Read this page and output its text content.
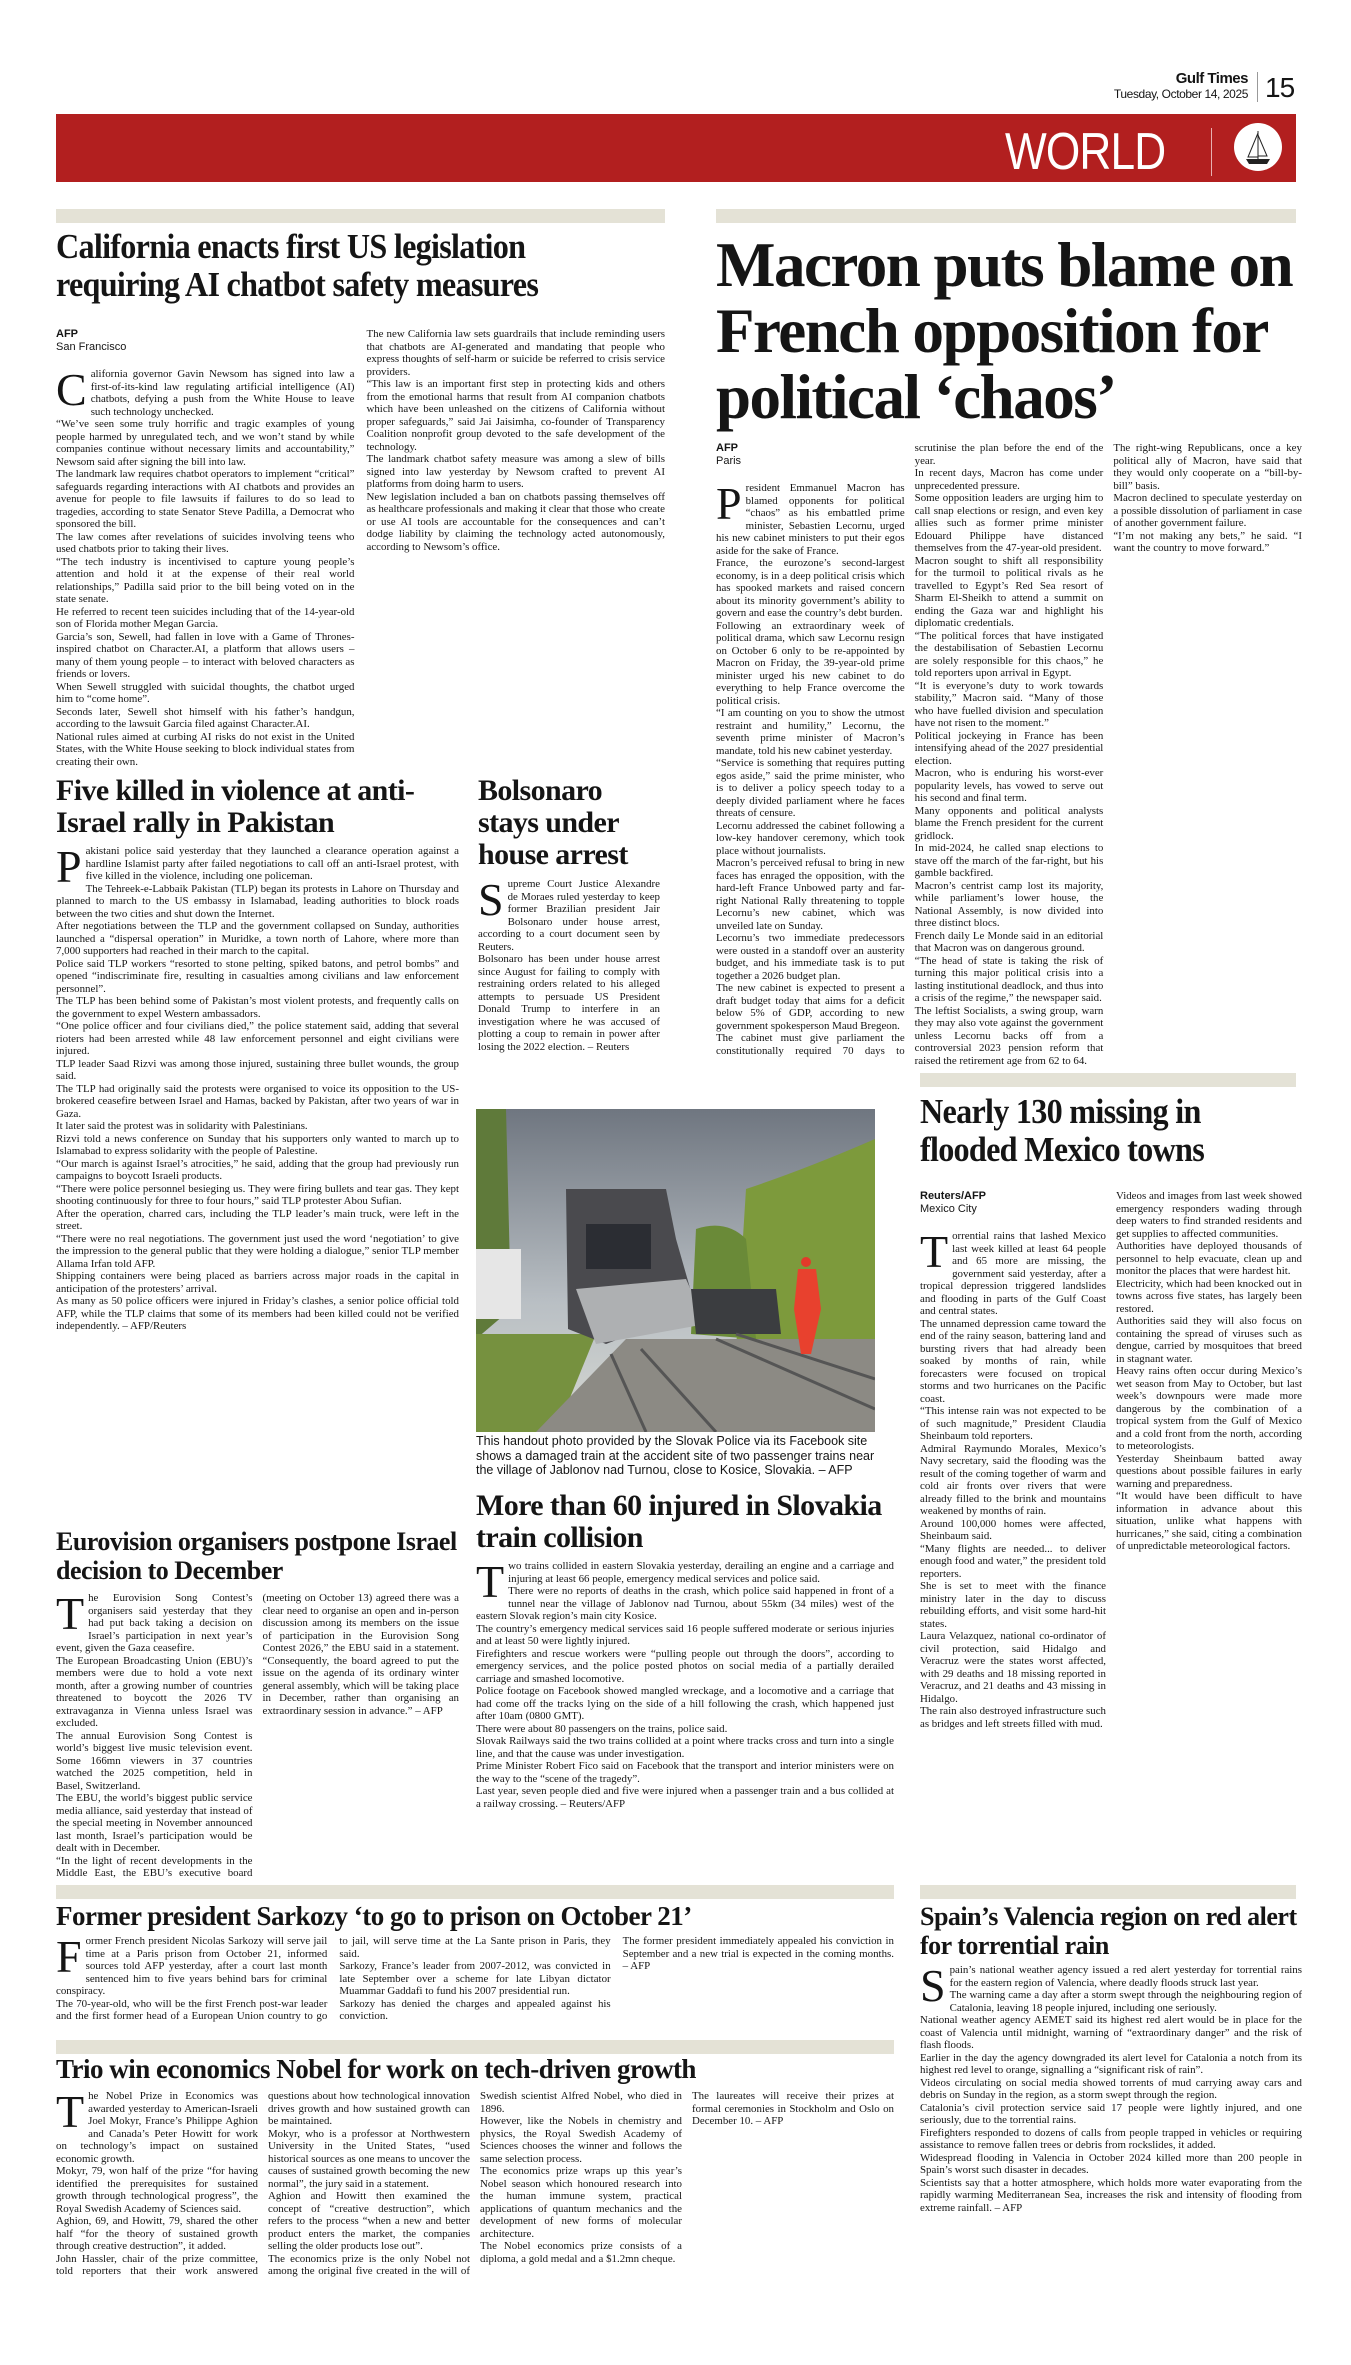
Gulf Times
Tuesday, October 14, 2025 15
WORLD
California enacts first US legislation requiring AI chatbot safety measures
AFP
San Francisco

California governor Gavin Newsom has signed into law a first-of-its-kind law regulating artificial intelligence (AI) chatbots, defying a push from the White House to leave such technology unchecked.

“We’ve seen some truly horrific and tragic examples of young people harmed by unregulated tech, and we won’t stand by while companies continue without necessary limits and accountability,” Newsom said after signing the bill into law.

The landmark law requires chatbot operators to implement “critical” safeguards regarding interactions with AI chatbots and provides an avenue for people to file lawsuits if failures to do so lead to tragedies, according to state Senator Steve Padilla, a Democrat who sponsored the bill.

The law comes after revelations of suicides involving teens who used chatbots prior to taking their lives.

“The tech industry is incentivised to capture young people’s attention and hold it at the expense of their real world relationships,” Padilla said prior to the bill being voted on in the state senate.

He referred to recent teen suicides including that of the 14-year-old son of Florida mother Megan Garcia.

Garcia’s son, Sewell, had fallen in love with a Game of Thrones-inspired chatbot on Character.AI, a platform that allows users – many of them young people – to interact with beloved characters as friends or lovers.

When Sewell struggled with suicidal thoughts, the chatbot urged him to “come home”.

Seconds later, Sewell shot himself with his father’s handgun, according to the lawsuit Garcia filed against Character.AI.

National rules aimed at curbing AI risks do not exist in the United States, with the White House seeking to block individual states from creating their own.

The new California law sets guardrails that include reminding users that chatbots are AI-generated and mandating that people who express thoughts of self-harm or suicide be referred to crisis service providers.

“This law is an important first step in protecting kids and others from the emotional harms that result from AI companion chatbots which have been unleashed on the citizens of California without proper safeguards,” said Jai Jaisimha, co-founder of Transparency Coalition nonprofit group devoted to the safe development of the technology.

The landmark chatbot safety measure was among a slew of bills signed into law yesterday by Newsom crafted to prevent AI platforms from doing harm to users.

New legislation included a ban on chatbots passing themselves off as healthcare professionals and making it clear that those who create or use AI tools are accountable for the consequences and can’t dodge liability by claiming the technology acted autonomously, according to Newsom’s office.

Macron puts blame on French opposition for political ‘chaos’
AFP
Paris

President Emmanuel Macron has blamed opponents for political “chaos” as his embattled prime minister, Sebastien Lecornu, urged his new cabinet ministers to put their egos aside for the sake of France.

France, the eurozone’s second-largest economy, is in a deep political crisis which has spooked markets and raised concern about its minority government’s ability to govern and ease the country’s debt burden.

Following an extraordinary week of political drama, which saw Lecornu resign on October 6 only to be re-appointed by Macron on Friday, the 39-year-old prime minister urged his new cabinet to do everything to help France overcome the political crisis.

“I am counting on you to show the utmost restraint and humility,” Lecornu, the seventh prime minister of Macron’s mandate, told his new cabinet yesterday.

“Service is something that requires putting egos aside,” said the prime minister, who is to deliver a policy speech today to a deeply divided parliament where he faces threats of censure.

Lecornu addressed the cabinet following a low-key handover ceremony, which took place without journalists.

Macron’s perceived refusal to bring in new faces has enraged the opposition, with the hard-left France Unbowed party and far-right National Rally threatening to topple Lecornu’s new cabinet, which was unveiled late on Sunday.

Lecornu’s two immediate predecessors were ousted in a standoff over an austerity budget, and his immediate task is to put together a 2026 budget plan.

The new cabinet is expected to present a draft budget today that aims for a deficit below 5% of GDP, according to new government spokesperson Maud Bregeon.

The cabinet must give parliament the constitutionally required 70 days to scrutinise the plan before the end of the year.

In recent days, Macron has come under unprecedented pressure.

Some opposition leaders are urging him to call snap elections or resign, and even key allies such as former prime minister Edouard Philippe have distanced themselves from the 47-year-old president.

Macron sought to shift all responsibility for the turmoil to political rivals as he travelled to Egypt’s Red Sea resort of Sharm El-Sheikh to attend a summit on ending the Gaza war and highlight his diplomatic credentials.

“The political forces that have instigated the destabilisation of Sebastien Lecornu are solely responsible for this chaos,” he told reporters upon arrival in Egypt.

“It is everyone’s duty to work towards stability,” Macron said. “Many of those who have fuelled division and speculation have not risen to the moment.”

Political jockeying in France has been intensifying ahead of the 2027 presidential election.

Macron, who is enduring his worst-ever popularity levels, has vowed to serve out his second and final term.

Many opponents and political analysts blame the French president for the current gridlock.

In mid-2024, he called snap elections to stave off the march of the far-right, but his gamble backfired.

Macron’s centrist camp lost its majority, while parliament’s lower house, the National Assembly, is now divided into three distinct blocs.

French daily Le Monde said in an editorial that Macron was on dangerous ground.

“The head of state is taking the risk of turning this major political crisis into a lasting institutional deadlock, and thus into a crisis of the regime,” the newspaper said.

The leftist Socialists, a swing group, warn they may also vote against the government unless Lecornu backs off from a controversial 2023 pension reform that raised the retirement age from 62 to 64.

The right-wing Republicans, once a key political ally of Macron, have said that they would only cooperate on a “bill-by-bill” basis.

Macron declined to speculate yesterday on a possible dissolution of parliament in case of another government failure.

“I’m not making any bets,” he said. “I want the country to move forward.”

Five killed in violence at anti-Israel rally in Pakistan

Pakistani police said yesterday that they launched a clearance operation against a hardline Islamist party after failed negotiations to call off an anti-Israel protest, with five killed in the violence, including one policeman.

The Tehreek-e-Labbaik Pakistan (TLP) began its protests in Lahore on Thursday and planned to march to the US embassy in Islamabad, leading authorities to block roads between the two cities and shut down the Internet.

After negotiations between the TLP and the government collapsed on Sunday, authorities launched a “dispersal operation” in Muridke, a town north of Lahore, where more than 7,000 supporters had reached in their march to the capital.

Police said TLP workers “resorted to stone pelting, spiked batons, and petrol bombs” and opened “indiscriminate fire, resulting in casualties among civilians and law enforcement personnel”.

The TLP has been behind some of Pakistan’s most violent protests, and frequently calls on the government to expel Western ambassadors.

“One police officer and four civilians died,” the police statement said, adding that several rioters had been arrested while 48 law enforcement personnel and eight civilians were injured.

TLP leader Saad Rizvi was among those injured, sustaining three bullet wounds, the group said.

The TLP had originally said the protests were organised to voice its opposition to the US-brokered ceasefire between Israel and Hamas, backed by Pakistan, after two years of war in Gaza.

It later said the protest was in solidarity with Palestinians.

Rizvi told a news conference on Sunday that his supporters only wanted to march up to Islamabad to express solidarity with the people of Palestine.

“Our march is against Israel’s atrocities,” he said, adding that the group had previously run campaigns to boycott Israeli products.

“There were police personnel besieging us. They were firing bullets and tear gas. They kept shooting continuously for three to four hours,” said TLP protester Abou Sufian.

After the operation, charred cars, including the TLP leader’s main truck, were left in the street.

“There were no real negotiations. The government just used the word ‘negotiation’ to give the impression to the general public that they were holding a dialogue,” senior TLP member Allama Irfan told AFP.

Shipping containers were being placed as barriers across major roads in the capital in anticipation of the protesters’ arrival.

As many as 50 police officers were injured in Friday’s clashes, a senior police official told AFP, while the TLP claims that some of its members had been killed could not be verified independently. – AFP/Reuters

Bolsonaro stays under house arrest

Supreme Court Justice Alexandre de Moraes ruled yesterday to keep former Brazilian president Jair Bolsonaro under house arrest, according to a court document seen by Reuters.

Bolsonaro has been under house arrest since August for failing to comply with restraining orders related to his alleged attempts to persuade US President Donald Trump to interfere in an investigation where he was accused of plotting a coup to remain in power after losing the 2022 election. – Reuters

This handout photo provided by the Slovak Police via its Facebook site shows a damaged train at the accident site of two passenger trains near the village of Jablonov nad Turnou, close to Kosice, Slovakia. – AFP
More than 60 injured in Slovakia train collision

Two trains collided in eastern Slovakia yesterday, derailing an engine and a carriage and injuring at least 66 people, emergency medical services and police said.

There were no reports of deaths in the crash, which police said happened in front of a tunnel near the village of Jablonov nad Turnou, about 55km (34 miles) west of the eastern Slovak region’s main city Kosice.

The country’s emergency medical services said 16 people suffered moderate or serious injuries and at least 50 were lightly injured.

Firefighters and rescue workers were “pulling people out through the doors”, according to emergency services, and the police posted photos on social media of a partially derailed carriage and smashed locomotive.

Police footage on Facebook showed mangled wreckage, and a locomotive and a carriage that had come off the tracks lying on the side of a hill following the crash, which happened just after 10am (0800 GMT).

There were about 80 passengers on the trains, police said.

Slovak Railways said the two trains collided at a point where tracks cross and turn into a single line, and that the cause was under investigation.

Prime Minister Robert Fico said on Facebook that the transport and interior ministers were on the way to the “scene of the tragedy”.

Last year, seven people died and five were injured when a passenger train and a bus collided at a railway crossing. – Reuters/AFP

Nearly 130 missing in flooded Mexico towns
Reuters/AFP
Mexico City

Torrential rains that lashed Mexico last week killed at least 64 people and 65 more are missing, the government said yesterday, after a tropical depression triggered landslides and flooding in parts of the Gulf Coast and central states.

The unnamed depression came toward the end of the rainy season, battering land and bursting rivers that had already been soaked by months of rain, while forecasters were focused on tropical storms and two hurricanes on the Pacific coast.

“This intense rain was not expected to be of such magnitude,” President Claudia Sheinbaum told reporters.

Admiral Raymundo Morales, Mexico’s Navy secretary, said the flooding was the result of the coming together of warm and cold air fronts over rivers that were already filled to the brink and mountains weakened by months of rain.

Around 100,000 homes were affected, Sheinbaum said.

“Many flights are needed... to deliver enough food and water,” the president told reporters.

She is set to meet with the finance ministry later in the day to discuss rebuilding efforts, and visit some hard-hit states.

Laura Velazquez, national co-ordinator of civil protection, said Hidalgo and Veracruz were the states worst affected, with 29 deaths and 18 missing reported in Veracruz, and 21 deaths and 43 missing in Hidalgo.

The rain also destroyed infrastructure such as bridges and left streets filled with mud.

Videos and images from last week showed emergency responders wading through deep waters to find stranded residents and get supplies to affected communities.

Authorities have deployed thousands of personnel to help evacuate, clean up and monitor the places that were hardest hit.

Electricity, which had been knocked out in towns across five states, has largely been restored.

Authorities said they will also focus on containing the spread of viruses such as dengue, carried by mosquitoes that breed in stagnant water.

Heavy rains often occur during Mexico’s wet season from May to October, but last week’s downpours were made more dangerous by the combination of a tropical system from the Gulf of Mexico and a cold front from the north, according to meteorologists.

Yesterday Sheinbaum batted away questions about possible failures in early warning and preparedness.

“It would have been difficult to have information in advance about this situation, unlike what happens with hurricanes,” she said, citing a combination of unpredictable meteorological factors.

Eurovision organisers postpone Israel decision to December

The Eurovision Song Contest’s organisers said yesterday that they had put back taking a decision on Israel’s participation in next year’s event, given the Gaza ceasefire.

The European Broadcasting Union (EBU)’s members were due to hold a vote next month, after a growing number of countries threatened to boycott the 2026 TV extravaganza in Vienna unless Israel was excluded.

The annual Eurovision Song Contest is world’s biggest live music television event. Some 166mn viewers in 37 countries watched the 2025 competition, held in Basel, Switzerland.

The EBU, the world’s biggest public service media alliance, said yesterday that instead of the special meeting in November announced last month, Israel’s participation would be dealt with in December.

“In the light of recent developments in the Middle East, the EBU’s executive board (meeting on October 13) agreed there was a clear need to organise an open and in-person discussion among its members on the issue of participation in the Eurovision Song Contest 2026,” the EBU said in a statement. “Consequently, the board agreed to put the issue on the agenda of its ordinary winter general assembly, which will be taking place in December, rather than organising an extraordinary session in advance.” – AFP

Former president Sarkozy ‘to go to prison on October 21’

Former French president Nicolas Sarkozy will serve jail time at a Paris prison from October 21, informed sources told AFP yesterday, after a court last month sentenced him to five years behind bars for criminal conspiracy.

The 70-year-old, who will be the first French post-war leader and the first former head of a European Union country to go to jail, will serve time at the La Sante prison in Paris, they said.

Sarkozy, France’s leader from 2007-2012, was convicted in late September over a scheme for late Libyan dictator Muammar Gaddafi to fund his 2007 presidential run.

Sarkozy has denied the charges and appealed against his conviction.

The former president immediately appealed his conviction in September and a new trial is expected in the coming months. – AFP

Trio win economics Nobel for work on tech-driven growth

The Nobel Prize in Economics was awarded yesterday to American-Israeli Joel Mokyr, France’s Philippe Aghion and Canada’s Peter Howitt for work on technology’s impact on sustained economic growth.

Mokyr, 79, won half of the prize “for having identified the prerequisites for sustained growth through technological progress”, the Royal Swedish Academy of Sciences said.

Aghion, 69, and Howitt, 79, shared the other half “for the theory of sustained growth through creative destruction”, it added.

John Hassler, chair of the prize committee, told reporters that their work answered questions about how technological innovation drives growth and how sustained growth can be maintained.

Mokyr, who is a professor at Northwestern University in the United States, “used historical sources as one means to uncover the causes of sustained growth becoming the new normal”, the jury said in a statement.

Aghion and Howitt then examined the concept of “creative destruction”, which refers to the process “when a new and better product enters the market, the companies selling the older products lose out”.

The economics prize is the only Nobel not among the original five created in the will of Swedish scientist Alfred Nobel, who died in 1896.

However, like the Nobels in chemistry and physics, the Royal Swedish Academy of Sciences chooses the winner and follows the same selection process.

The economics prize wraps up this year’s Nobel season which honoured research into the human immune system, practical applications of quantum mechanics and the development of new forms of molecular architecture.

The Nobel economics prize consists of a diploma, a gold medal and a $1.2mn cheque.

The laureates will receive their prizes at formal ceremonies in Stockholm and Oslo on December 10. – AFP

Spain’s Valencia region on red alert for torrential rain

Spain’s national weather agency issued a red alert yesterday for torrential rains for the eastern region of Valencia, where deadly floods struck last year.

The warning came a day after a storm swept through the neighbouring region of Catalonia, leaving 18 people injured, including one seriously.

National weather agency AEMET said its highest red alert would be in place for the coast of Valencia until midnight, warning of “extraordinary danger” and the risk of flash floods.

Earlier in the day the agency downgraded its alert level for Catalonia a notch from its highest red level to orange, signalling a “significant risk of rain”.

Videos circulating on social media showed torrents of mud carrying away cars and debris on Sunday in the region, as a storm swept through the region.

Catalonia’s civil protection service said 17 people were lightly injured, and one seriously, due to the torrential rains.

Firefighters responded to dozens of calls from people trapped in vehicles or requiring assistance to remove fallen trees or debris from rockslides, it added.

Widespread flooding in Valencia in October 2024 killed more than 200 people in Spain’s worst such disaster in decades.

Scientists say that a hotter atmosphere, which holds more water evaporating from the rapidly warming Mediterranean Sea, increases the risk and intensity of flooding from extreme rainfall. – AFP
